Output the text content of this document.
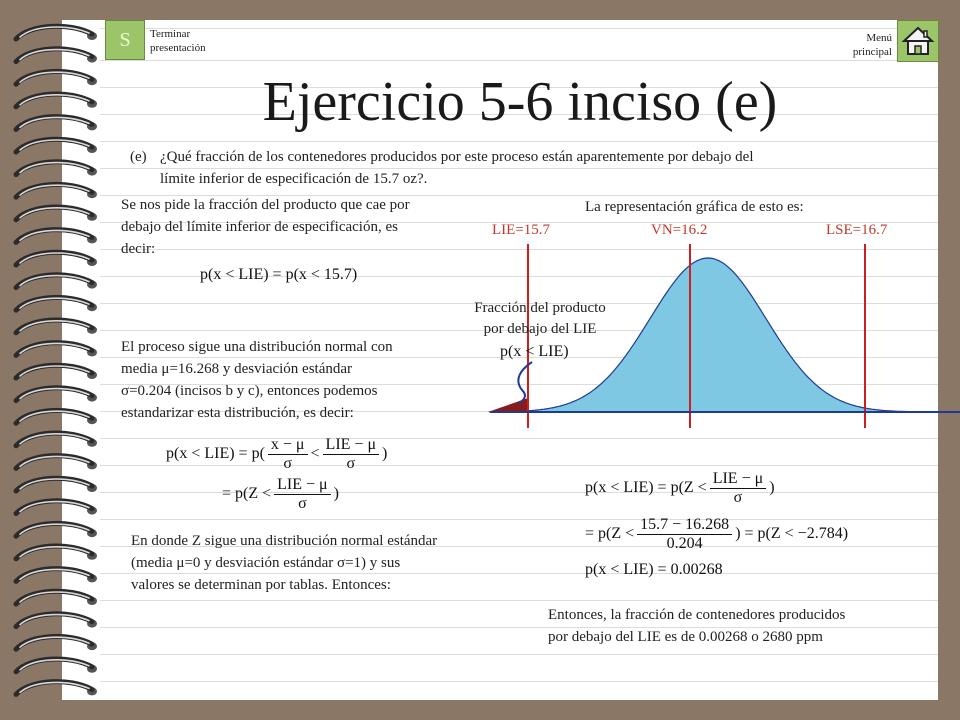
S Terminar
presentación
Menú
principal
Ejercicio 5-6 inciso (e)
(e) ¿Qué fracción de los contenedores producidos por este proceso están aparentemente por debajo del
límite inferior de especificación de 15.7 oz?.
Se nos pide la fracción del producto que cae por
debajo del límite inferior de especificación, es
decir:
p(x < LIE) = p(x < 15.7)
El proceso sigue una distribución normal con
media μ=16.268 y desviación estándar
σ=0.204 (incisos b y c), entonces podemos
estandarizar esta distribución, es decir:
p(x < LIE) = p(
x − μ
σ
<
LIE − μ
σ
)
= p(Z <
LIE − μ
σ
)
En donde Z sigue una distribución normal estándar
(media μ=0 y desviación estándar σ=1) y sus
valores se determinan por tablas. Entonces:
La representación gráfica de esto es:
LIE=15.7	VN=16.2	LSE=16.7
Fracción del producto
por debajo del LIE
p(x < LIE)
p(x < LIE) = p(Z <
LIE − μ
σ
)
= p(Z <
15.7 − 16.268
0.204
) = p(Z < −2.784)
p(x < LIE) = 0.00268
Entonces, la fracción de contenedores producidos
por debajo del LIE es de 0.00268 o 2680 ppm
